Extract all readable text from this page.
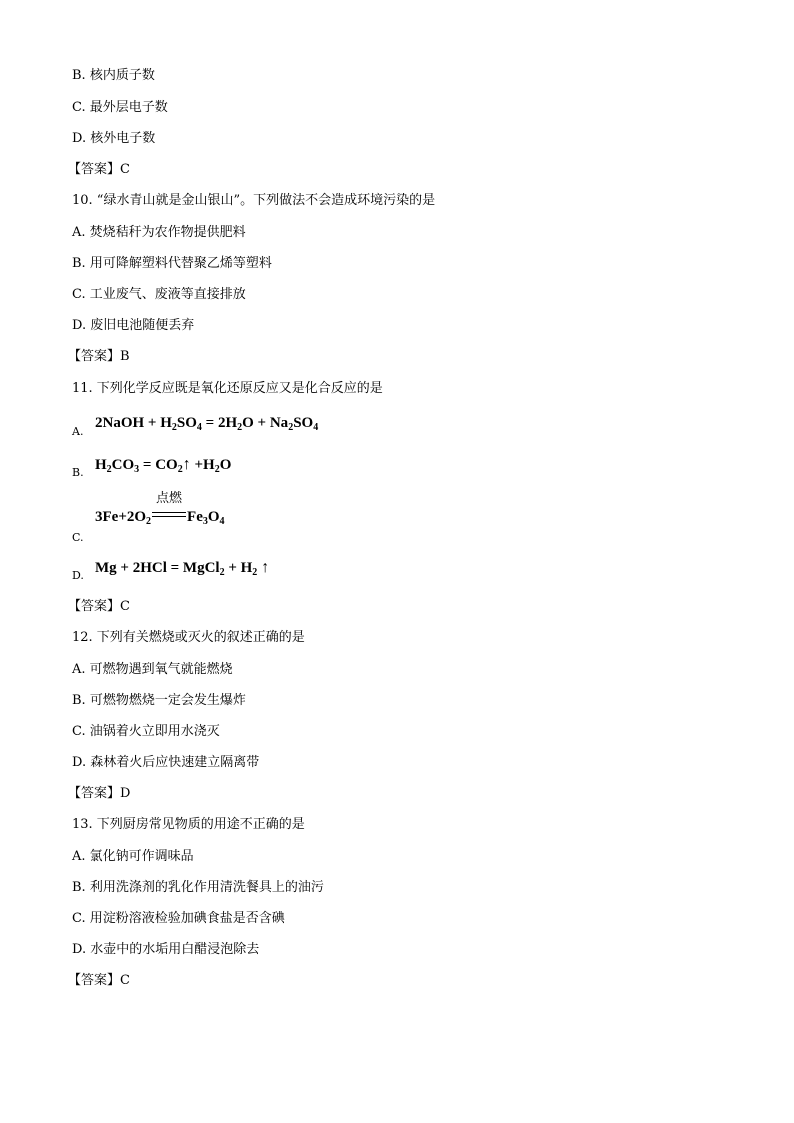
B. 核内质子数
C. 最外层电子数
D. 核外电子数
【答案】C
10. “绿水青山就是金山银山”。下列做法不会造成环境污染的是
A. 焚烧秸秆为农作物提供肥料
B. 用可降解塑料代替聚乙烯等塑料
C. 工业废气、废液等直接排放
D. 废旧电池随便丢弃
【答案】B
11. 下列化学反应既是氧化还原反应又是化合反应的是
A.
2NaOH + $H_2SO_4 = 2H_2O + Na_2SO_4$
B. $H_2CO_3$ = $CO_2↑ +H_2O$
$3Fe+2O_2$
点燃
$Fe_3O_4$
C.
D. Mg + 2HCl = MgCl$_2$ + $H_2$ ↑
【答案】C
12. 下列有关燃烧或灭火的叙述正确的是
A. 可燃物遇到氧气就能燃烧
B. 可燃物燃烧一定会发生爆炸
C. 油锅着火立即用水浇灭
D. 森林着火后应快速建立隔离带
【答案】D
13. 下列厨房常见物质的用途不正确的是
A. 氯化钠可作调味品
B. 利用洗涤剂的乳化作用清洗餐具上的油污
C. 用淀粉溶液检验加碘食盐是否含碘
D. 水壶中的水垢用白醋浸泡除去
【答案】C
